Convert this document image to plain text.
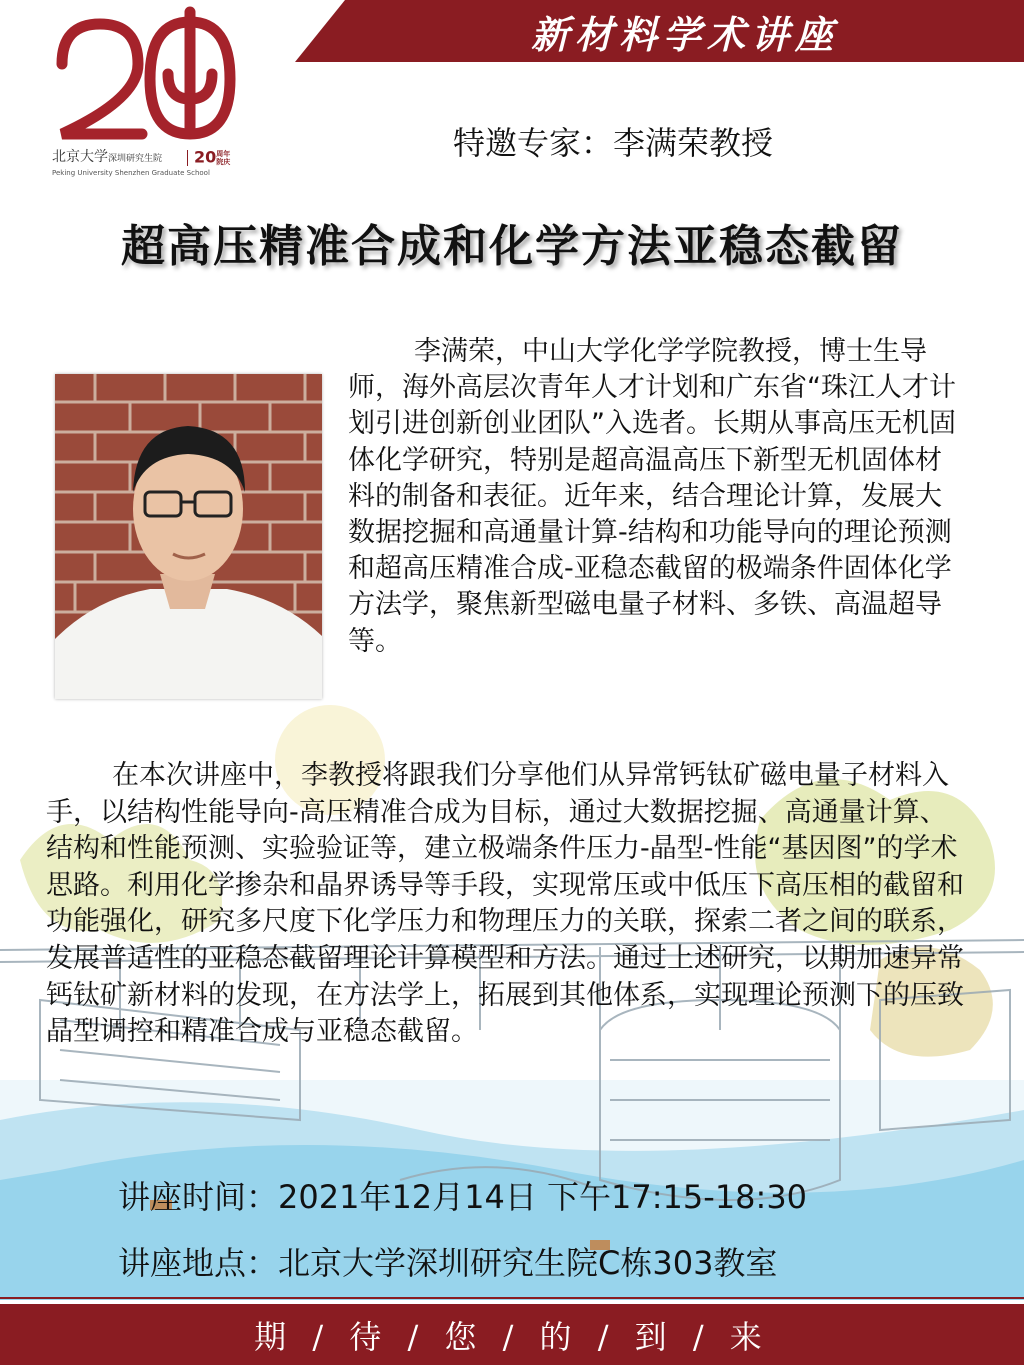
新材料学术讲座
北京大学深圳研究生院
Peking University Shenzhen Graduate School
20周年院庆	特邀专家：李满荣教授
超高压精准合成和化学方法亚稳态截留
李满荣，中山大学化学学院教授，博士生导师，海外高层次青年人才计划和广东省“珠江人才计划引进创新创业团队”入选者。长期从事高压无机固体化学研究，特别是超高温高压下新型无机固体材料的制备和表征。近年来，结合理论计算，发展大数据挖掘和高通量计算-结构和功能导向的理论预测和超高压精准合成-亚稳态截留的极端条件固体化学方法学，聚焦新型磁电量子材料、多铁、高温超导等。
在本次讲座中，李教授将跟我们分享他们从异常钙钛矿磁电量子材料入手，以结构性能导向-高压精准合成为目标，通过大数据挖掘、高通量计算、结构和性能预测、实验验证等，建立极端条件压力-晶型-性能“基因图”的学术思路。利用化学掺杂和晶界诱导等手段，实现常压或中低压下高压相的截留和功能强化，研究多尺度下化学压力和物理压力的关联，探索二者之间的联系，发展普适性的亚稳态截留理论计算模型和方法。通过上述研究，以期加速异常钙钛矿新材料的发现，在方法学上，拓展到其他体系，实现理论预测下的压致晶型调控和精准合成与亚稳态截留。
讲座时间：2021年12月14日 下午17:15-18:30
讲座地点：北京大学深圳研究生院C栋303教室
期 / 待 / 您 / 的 / 到 / 来
